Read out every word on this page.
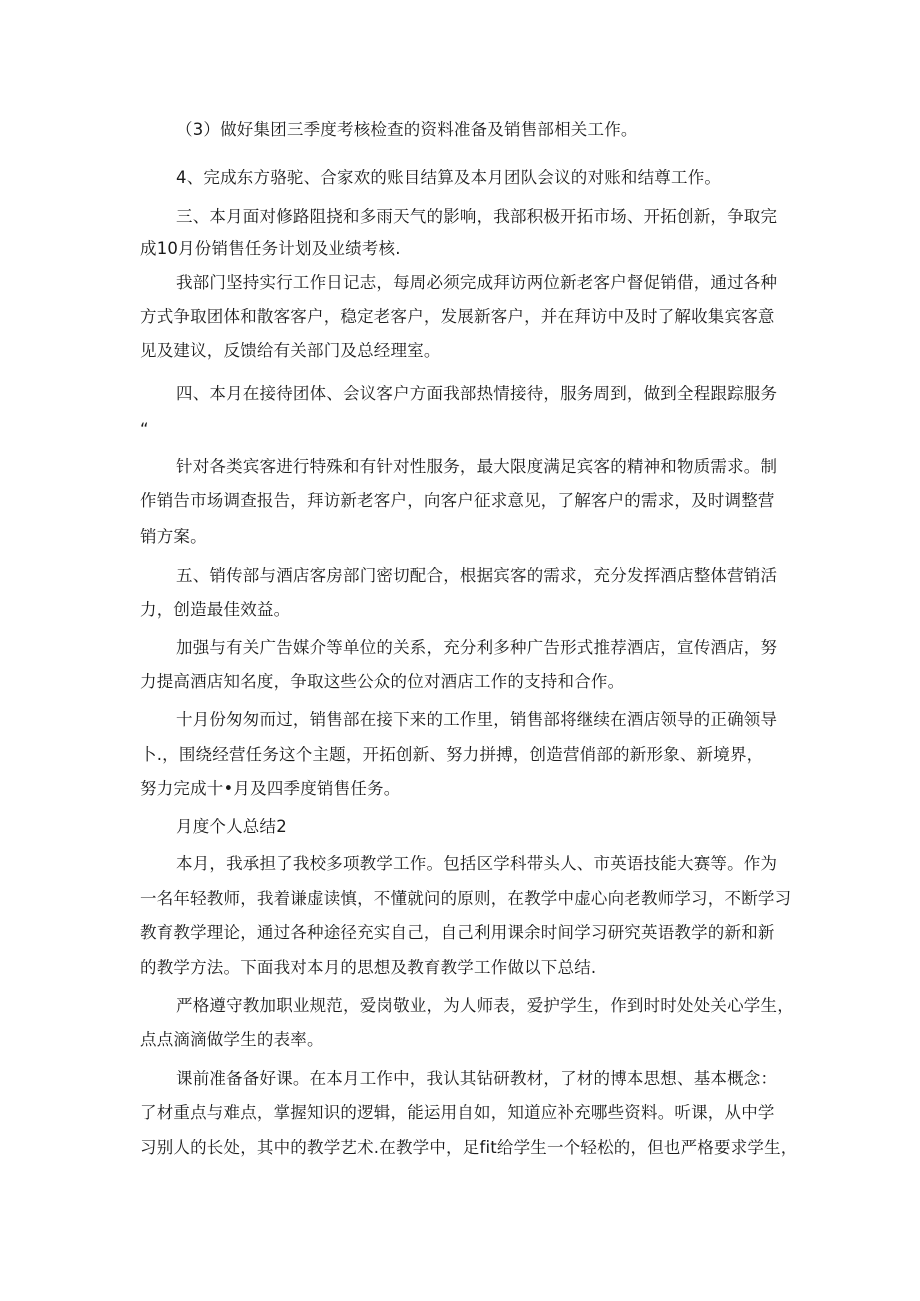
（3）做好集团三季度考核检查的资料准备及销售部相关工作。
4、完成东方骆驼、合家欢的账目结算及本月团队会议的对账和结尊工作。
三、本月面对修路阻挠和多雨天气的影响，我部积极开拓市场、开拓创新，争取完
成10月份销售任务计划及业绩考核.
我部门坚持实行工作日记志，每周必须完成拜访两位新老客户督促销借，通过各种
方式争取团体和散客客户，稳定老客户，发展新客户，并在拜访中及时了解收集宾客意
见及建议，反馈给有关部门及总经理室。
四、本月在接待团体、会议客户方面我部热情接待，服务周到，做到全程跟踪服务
“
针对各类宾客进行特殊和有针对性服务，最大限度满足宾客的精神和物质需求。制
作销告市场调查报告，拜访新老客户，向客户征求意见，了解客户的需求，及时调整营
销方案。
五、销传部与酒店客房部门密切配合，根据宾客的需求，充分发挥酒店整体营销活
力，创造最佳效益。
加强与有关广告媒介等单位的关系，充分利多种广告形式推荐酒店，宣传酒店，努
力提高酒店知名度，争取这些公众的位对酒店工作的支持和合作。
十月份匆匆而过，销售部在接下来的工作里，销售部将继续在酒店领导的正确领导
卜.，围绕经营任务这个主题，开拓创新、努力拼搏，创造营俏部的新形象、新境界，
努力完成十•月及四季度销售任务。
月度个人总结2
本月，我承担了我校多项教学工作。包括区学科带头人、市英语技能大赛等。作为
一名年轻教师，我着谦虚读慎，不懂就问的原则，在教学中虚心向老教师学习，不断学习
教育教学理论，通过各种途径充实自己，自己利用课余时间学习研究英语教学的新和新
的教学方法。下面我对本月的思想及教育教学工作做以下总结.
严格遵守教加职业规范，爱岗敬业，为人师表，爱护学生，作到时时处处关心学生，
点点滴滴做学生的表率。
课前准备备好课。在本月工作中，我认其钻研教材，了材的博本思想、基本概念：
了材重点与难点，掌握知识的逻辑，能运用自如，知道应补充哪些资料。听课，从中学
习别人的长处，其中的教学艺术.在教学中，足fit给学生一个轻松的，但也严格要求学生，
